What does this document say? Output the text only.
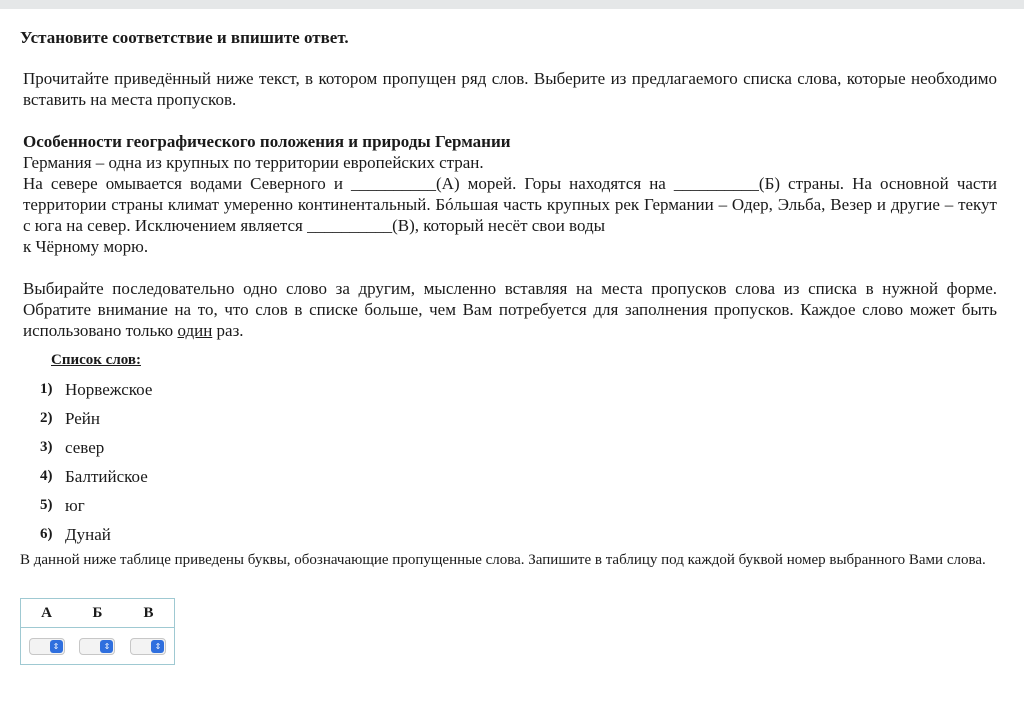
Установите соответствие и впишите ответ.
Прочитайте приведённый ниже текст, в котором пропущен ряд слов. Выберите из предлагаемого списка слова, которые необходимо вставить на места пропусков.
Особенности географического положения и природы Германии
Германия – одна из крупных по территории европейских стран.
На севере омывается водами Северного и __________(А) морей. Горы находятся на __________(Б) страны. На основной части территории страны климат умеренно континентальный. Бóльшая часть крупных рек Германии – Одер, Эльба, Везер и другие – текут с юга на север. Исключением является __________(В), который несёт свои воды
к Чёрному морю.
Выбирайте последовательно одно слово за другим, мысленно вставляя на места пропусков слова из списка в нужной форме. Обратите внимание на то, что слов в списке больше, чем Вам потребуется для заполнения пропусков. Каждое слово может быть использовано только один раз.
Список слов:
1) Норвежское
2) Рейн
3) север
4) Балтийское
5) юг
6) Дунай
В данной ниже таблице приведены буквы, обозначающие пропущенные слова. Запишите в таблицу под каждой буквой номер выбранного Вами слова.
А	Б	В

⇕	⇕	⇕
